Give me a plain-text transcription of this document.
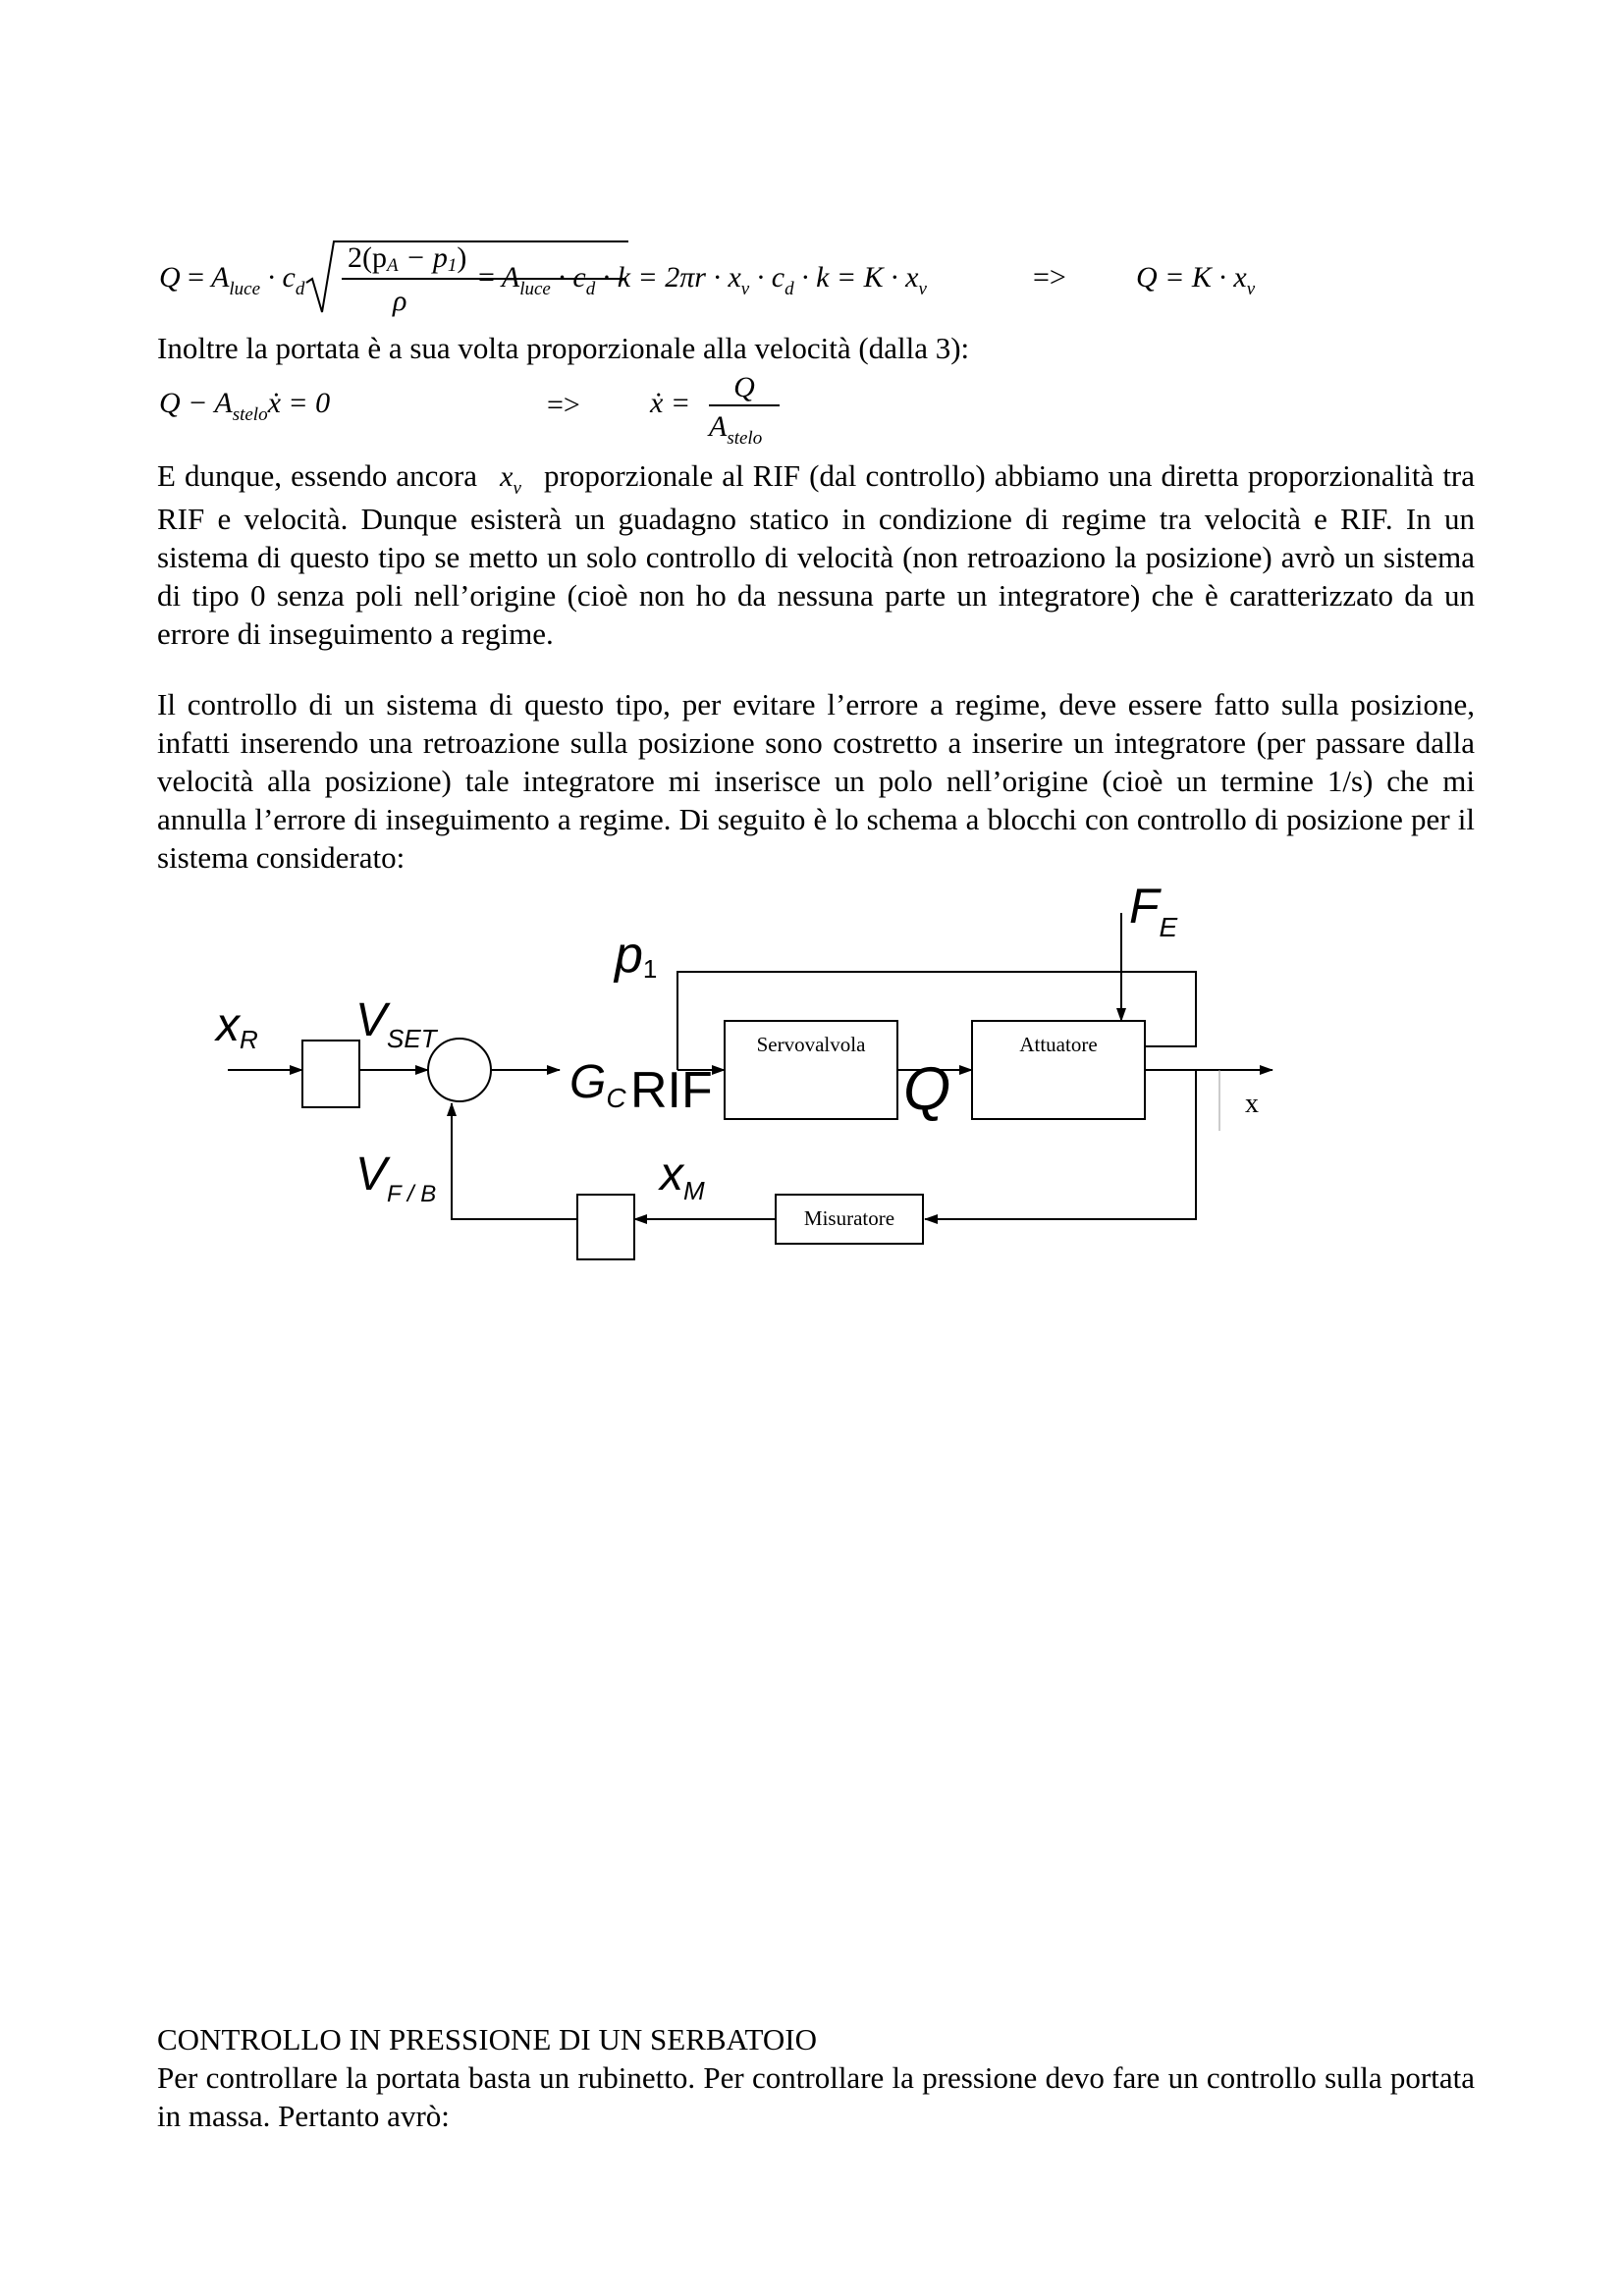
$Q = A_{luce} \cdot c_d$
2(pA − p1)
ρ
= $A_{luce} \cdot c_d \cdot k = 2\pi r \cdot x_v \cdot c_d \cdot k = K \cdot x_v$	=> $Q = K \cdot x_v$
Inoltre la portata è a sua volta proporzionale alla velocità (dalla 3):
$Q - A_{stelo}ẋ = 0$	=> ẋ =	Q
$A_{stelo}$
E dunque, essendo ancora $x_v$ proporzionale al RIF (dal controllo) abbiamo una diretta proporzionalità tra RIF e velocità. Dunque esisterà un guadagno statico in condizione di regime tra velocità e RIF. In un sistema di questo tipo se metto un solo controllo di velocità (non retroaziono la posizione) avrò un sistema di tipo 0 senza poli nell’origine (cioè non ho da nessuna parte un integratore) che è caratterizzato da un errore di inseguimento a regime.
Il controllo di un sistema di questo tipo, per evitare l’errore a regime, deve essere fatto sulla posizione, infatti inserendo una retroazione sulla posizione sono costretto a inserire un integratore (per passare dalla velocità alla posizione) tale integratore mi inserisce un polo nell’origine (cioè un termine 1/s) che mi annulla l’errore di inseguimento a regime. Di seguito è lo schema a blocchi con controllo di posizione per il sistema considerato:
xR $V_{SET}$
p1
$F_E$
$G_C$ RIF	Q
$V_{F / B}$	$x_M$
Servovalvola	Attuatore
Misuratore
x
CONTROLLO IN PRESSIONE DI UN SERBATOIO
Per controllare la portata basta un rubinetto. Per controllare la pressione devo fare un controllo sulla portata in massa. Pertanto avrò:
